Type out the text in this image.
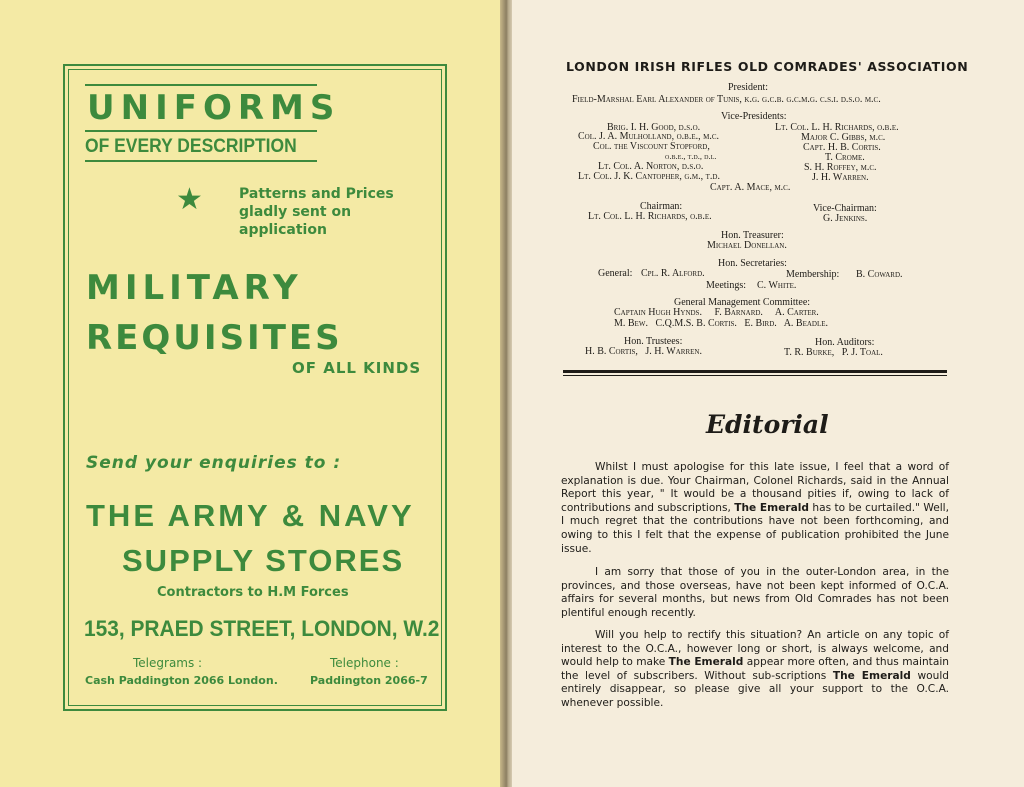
UNIFORMS
OF EVERY DESCRIPTION
★	Patterns and Prices gladly sent on application
MILITARY
REQUISITES
OF ALL KINDS
Send your enquiries to :
THE ARMY & NAVY
SUPPLY STORES
Contractors to H.M Forces
153, PRAED STREET, LONDON, W.2
Telegrams :
Cash Paddington 2066 London.
Telephone :
Paddington 2066-7
LONDON IRISH RIFLES OLD COMRADES' ASSOCIATION
President:
Field-Marshal Earl Alexander of Tunis, k.g. g.c.b. g.c.m.g. c.s.i. d.s.o. m.c.
Vice-Presidents:
Brig. I. H. Good, d.s.o.
Col. J. A. Mulholland, o.b.e., m.c.
Col. the Viscount Stopford,
o.b.e., t.d., d.l.
Lt. Col. A. Norton, d.s.o.
Lt. Col. J. K. Cantopher, g.m., t.d.
Lt. Col. L. H. Richards, o.b.e.
Major C. Gibbs, m.c.
Capt. H. B. Cortis.
T. Crome.
S. H. Roffey, m.c.
J. H. Warren.
Capt. A. Mace, m.c.
Chairman:
Lt. Col. L. H. Richards, o.b.e.
Vice-Chairman:
G. Jenkins.
Hon. Treasurer:
Michael Donellan.
Hon. Secretaries:
General: Cpl. R. Alford.	Membership: B. Coward.
Meetings: C. White.
General Management Committee:
Captain Hugh Hynds.     F. Barnard.     A. Carter.
M. Bew.   C.Q.M.S. B. Cortis.   E. Bird.   A. Beadle.
Hon. Trustees:
H. B. Cortis,   J. H. Warren.
Hon. Auditors:
T. R. Burke,   P. J. Toal.
Editorial
Whilst I must apologise for this late issue, I feel that a word of explanation is due. Your Chairman, Colonel Richards, said in the Annual Report this year, " It would be a thousand pities if, owing to lack of contributions and subscriptions, The Emerald has to be curtailed." Well, I much regret that the contributions have not been forthcoming, and owing to this I felt that the expense of publication prohibited the June issue.
I am sorry that those of you in the outer-London area, in the provinces, and those overseas, have not been kept informed of O.C.A. affairs for several months, but news from Old Comrades has not been plentiful enough recently.
Will you help to rectify this situation? An article on any topic of interest to the O.C.A., however long or short, is always welcome, and would help to make The Emerald appear more often, and thus maintain the level of subscribers. Without sub-scriptions The Emerald would entirely disappear, so please give all your support to the O.C.A. whenever possible.
